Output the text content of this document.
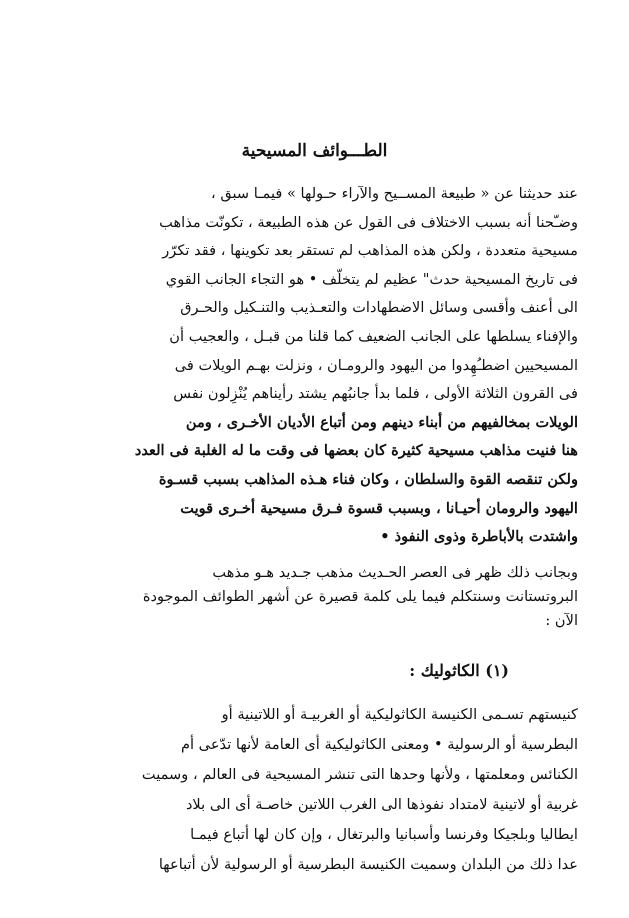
الطـــوائف المسيحية
عند حديثنا عن « طبيعة المســيح والآراء حـولها » فيمـا سبق ،
وضـّحنا أنه بسبب الاختلاف فى القول عن هذه الطبيعة ، تكونّت مذاهب
مسيحية متعددة ، ولكن هذه المذاهب لم تستقر بعد تكوينها ، فقد تكرّر
فى تاريخ المسيحية حدث" عظيم لم يتخلّف • هو التجاء الجانب القوي
الى أعنف وأقسى وسائل الاضطهادات والتعـذيب والتنـكيل والحـرق
والإفناء يسلطها على الجانب الضعيف كما قلنا من قبـل ، والعجيب أن
المسيحيين اضطـُهِدوا من اليهود والرومـان ، ونزلت بهـم الويلات فى
فى القرون الثلاثة الأولى ، فلما بدأ جانبُهم يشتد رأيناهم يُنْزِلون نفس
الويلات بمخالفيهم من أبناء دينهم ومن أتباع الأديان الأخـرى ، ومن
هنا فنيت مذاهب مسيحية كثيرة كان بعضها فى وقت ما له الغلبة فى العدد
ولكن تنقصه القوة والسلطان ، وكان فناء هـذه المذاهب بسبب قسـوة
اليهود والرومان أحيـانا ، وبسبب قسوة فـرق مسيحية أخـرى قويت
واشتدت بالأباطرة وذوى النفوذ •
وبجانب ذلك ظهر فى العصر الحـديث مذهب جـديد هـو مذهب
البروتستانت وسنتكلم فيما يلى كلمة قصيرة عن أشهر الطوائف الموجودة
الآن :
(١) الكاثوليك :
كنيستهم تسـمى الكنيسة الكاثوليكية أو الغربيـة أو اللاتينية أو
البطرسية أو الرسولية • ومعنى الكاثوليكية أى العامة لأنها تدّعى أم
الكنائس ومعلمتها ، ولأنها وحدها التى تنشر المسيحية فى العالم ، وسميت
غربية أو لاتينية لامتداد نفوذها الى الغرب اللاتين خاصـة أى الى بلاد
ايطاليا وبلجيكا وفرنسا وأسبانيا والبرتغال ، وإن كان لها أتباع فيمـا
عدا ذلك من البلدان وسميت الكنيسة البطرسية أو الرسولية لأن أتباعها
